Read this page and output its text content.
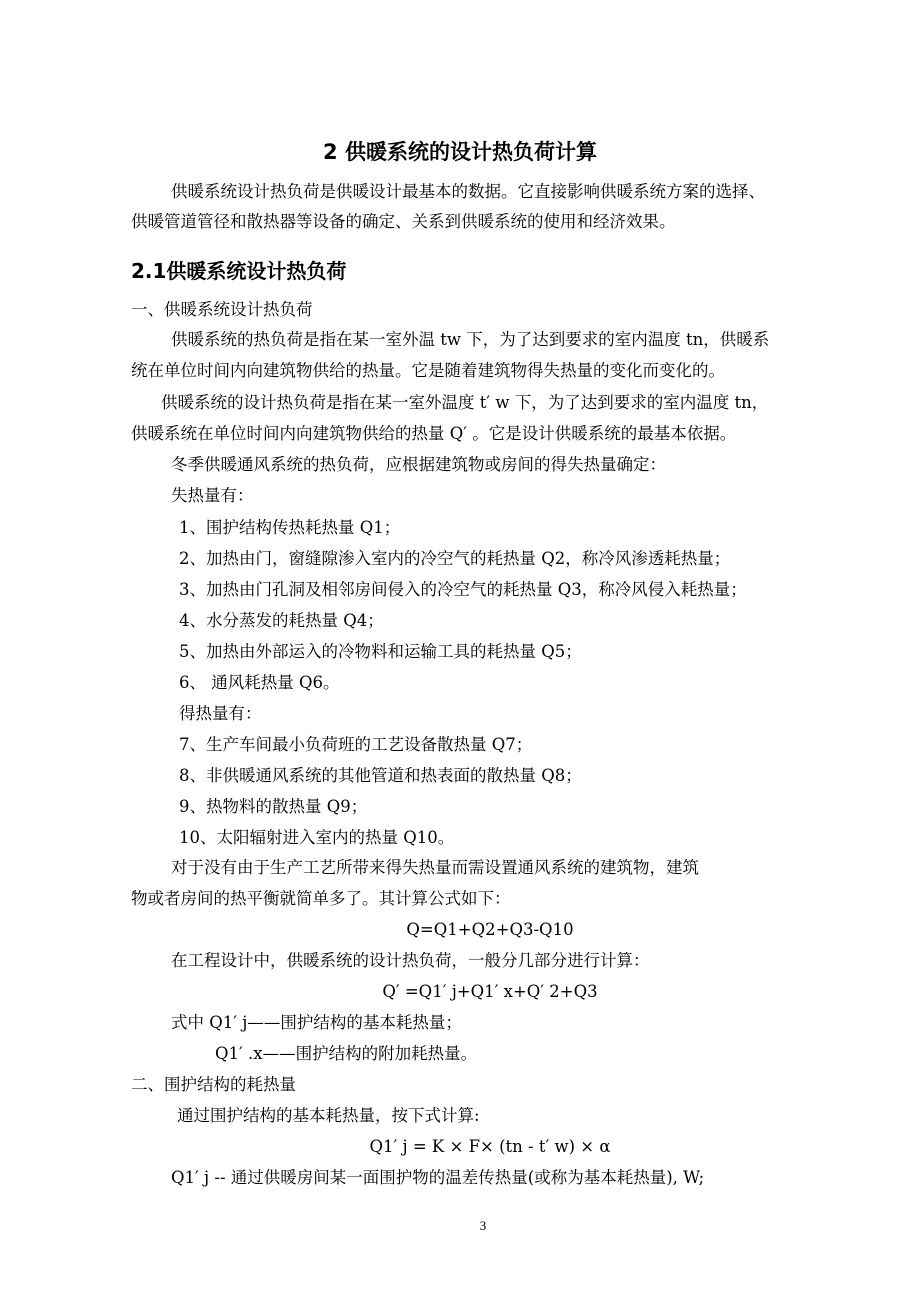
2 供暖系统的设计热负荷计算
供暖系统设计热负荷是供暖设计最基本的数据。它直接影响供暖系统方案的选择、
供暖管道管径和散热器等设备的确定、关系到供暖系统的使用和经济效果。
2.1供暖系统设计热负荷
一、供暖系统设计热负荷
供暖系统的热负荷是指在某一室外温 tw 下，为了达到要求的室内温度 tn，供暖系
统在单位时间内向建筑物供给的热量。它是随着建筑物得失热量的变化而变化的。
供暖系统的设计热负荷是指在某一室外温度 t′ w 下，为了达到要求的室内温度 tn，
供暖系统在单位时间内向建筑物供给的热量 Q′ 。它是设计供暖系统的最基本依据。
冬季供暖通风系统的热负荷，应根据建筑物或房间的得失热量确定：
失热量有：
1、围护结构传热耗热量 Q1；
2、加热由门，窗缝隙渗入室内的冷空气的耗热量 Q2，称冷风渗透耗热量；
3、加热由门孔洞及相邻房间侵入的冷空气的耗热量 Q3，称冷风侵入耗热量；
4、水分蒸发的耗热量 Q4；
5、加热由外部运入的冷物料和运输工具的耗热量 Q5；
6、 通风耗热量 Q6。
得热量有：
7、生产车间最小负荷班的工艺设备散热量 Q7；
8、非供暖通风系统的其他管道和热表面的散热量 Q8；
9、热物料的散热量 Q9；
10、太阳辐射进入室内的热量 Q10。
对于没有由于生产工艺所带来得失热量而需设置通风系统的建筑物，建筑
物或者房间的热平衡就简单多了。其计算公式如下：
Q=Q1+Q2+Q3-Q10
在工程设计中，供暖系统的设计热负荷，一般分几部分进行计算：
Q′ =Q1′ j+Q1′ x+Q′ 2+Q3
式中 Q1′ j——围护结构的基本耗热量；
Q1′ .x——围护结构的附加耗热量。
二、围护结构的耗热量
通过围护结构的基本耗热量，按下式计算:
Q1′ j = K × F× (tn - t′ w) × α
Q1′ j -- 通过供暖房间某一面围护物的温差传热量(或称为基本耗热量), W;
3
